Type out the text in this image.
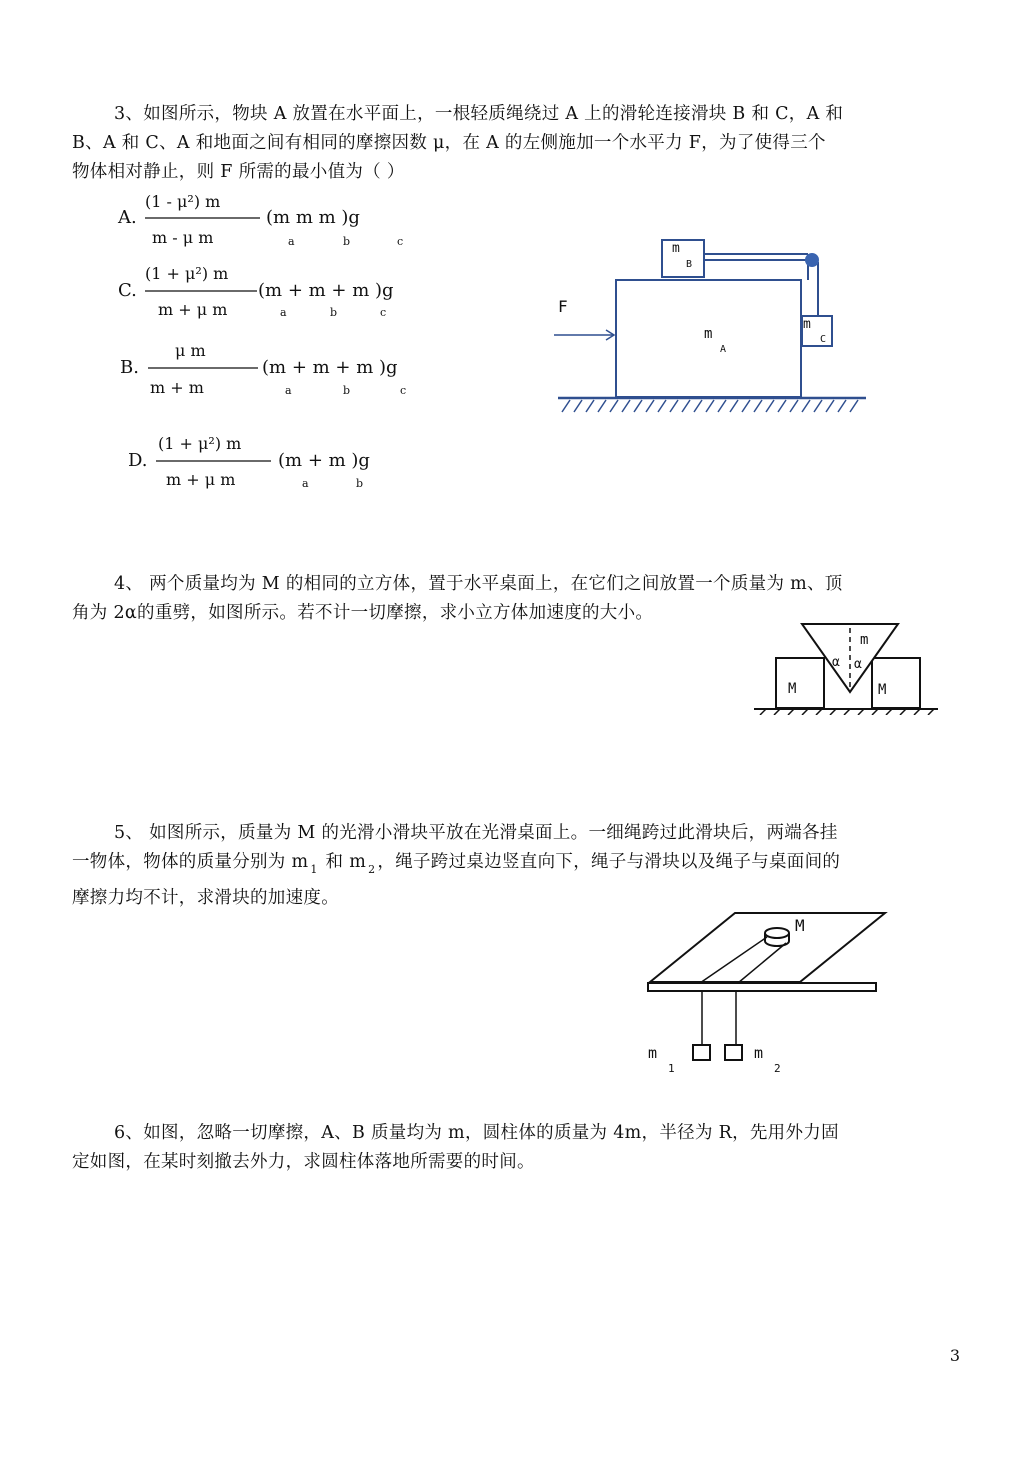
3、如图所示，物块 A 放置在水平面上，一根轻质绳绕过 A 上的滑轮连接滑块 B 和 C，A 和
B、A 和 C、A 和地面之间有相同的摩擦因数 μ，在 A 的左侧施加一个水平力 F，为了使得三个
物体相对静止，则 F 所需的最小值为（ ）
A.
(1 - μ²) m
m - μ m
(m m m )g
a	b	c
C.
(1 + μ²) m
m + μ m
(m + m + m )g
a	b	c
B.
μ m
m + m
(m + m + m )g
a	b	c
D.
(1 + μ²) m
m + μ m
(m + m )g
a	b
F
m
A
m
B
m
C
4、 两个质量均为 M 的相同的立方体，置于水平桌面上，在它们之间放置一个质量为 m、顶
角为 2α的重劈，如图所示。若不计一切摩擦，求小立方体加速度的大小。
M	M
m
α α
5、 如图所示，质量为 M 的光滑小滑块平放在光滑桌面上。一细绳跨过此滑块后，两端各挂
一物体，物体的质量分别为 m $_1$ 和 m $_2$ ，绳子跨过桌边竖直向下，绳子与滑块以及绳子与桌面间的
摩擦力均不计，求滑块的加速度。
M
m
1
m
2
6、如图，忽略一切摩擦，A、B 质量均为 m，圆柱体的质量为 4m，半径为 R，先用外力固
定如图，在某时刻撤去外力，求圆柱体落地所需要的时间。
3
